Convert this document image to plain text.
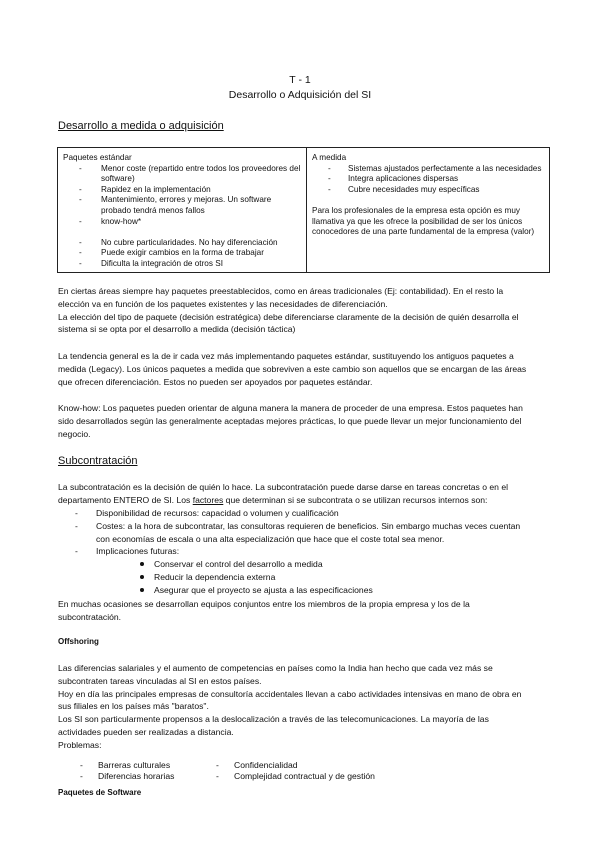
T - 1
Desarrollo o Adquisición del SI
Desarrollo a medida o adquisición
Paquetes estándar
- Menor coste (repartido entre todos los proveedores del software)
- Rapidez en la implementación
- Mantenimiento, errores y mejoras. Un software probado tendrá menos fallos
- know-how*
- No cubre particularidades. No hay diferenciación
- Puede exigir cambios en la forma de trabajar
- Dificulta la integración de otros SI
A medida
- Sistemas ajustados perfectamente a las necesidades
- Integra aplicaciones dispersas
- Cubre necesidades muy específicas
Para los profesionales de la empresa esta opción es muy llamativa ya que les ofrece la posibilidad de ser los únicos conocedores de una parte fundamental de la empresa (valor)
En ciertas áreas siempre hay paquetes preestablecidos, como en áreas tradicionales (Ej: contabilidad). En el resto la
elección va en función de los paquetes existentes y las necesidades de diferenciación.
La elección del tipo de paquete (decisión estratégica) debe diferenciarse claramente de la decisión de quién desarrolla el
sistema si se opta por el desarrollo a medida (decisión táctica)
La tendencia general es la de ir cada vez más implementando paquetes estándar, sustituyendo los antiguos paquetes a
medida (Legacy). Los únicos paquetes a medida que sobreviven a este cambio son aquellos que se encargan de las áreas
que ofrecen diferenciación. Estos no pueden ser apoyados por paquetes estándar.
Know-how: Los paquetes pueden orientar de alguna manera la manera de proceder de una empresa. Estos paquetes han
sido desarrollados según las generalmente aceptadas mejores prácticas, lo que puede llevar un mejor funcionamiento del
negocio.
Subcontratación
La subcontratación es la decisión de quién lo hace. La subcontratación puede darse darse en tareas concretas o en el
departamento ENTERO de SI. Los factores que determinan si se subcontrata o se utilizan recursos internos son:
- Disponibilidad de recursos: capacidad o volumen y cualificación
- Costes: a la hora de subcontratar, las consultoras requieren de beneficios. Sin embargo muchas veces cuentan
con economías de escala o una alta especialización que hace que el coste total sea menor.
- Implicaciones futuras:
Conservar el control del desarrollo a medida
Reducir la dependencia externa
Asegurar que el proyecto se ajusta a las especificaciones
En muchas ocasiones se desarrollan equipos conjuntos entre los miembros de la propia empresa y los de la
subcontratación.
Offshoring
Las diferencias salariales y el aumento de competencias en países como la India han hecho que cada vez más se
subcontraten tareas vinculadas al SI en estos países.
Hoy en día las principales empresas de consultoría accidentales llevan a cabo actividades intensivas en mano de obra en
sus filiales en los países más "baratos".
Los SI son particularmente propensos a la deslocalización a través de las telecomunicaciones. La mayoría de las
actividades pueden ser realizadas a distancia.
Problemas:
- Barreras culturales	- Confidencialidad
- Diferencias horarias	- Complejidad contractual y de gestión
Paquetes de Software
